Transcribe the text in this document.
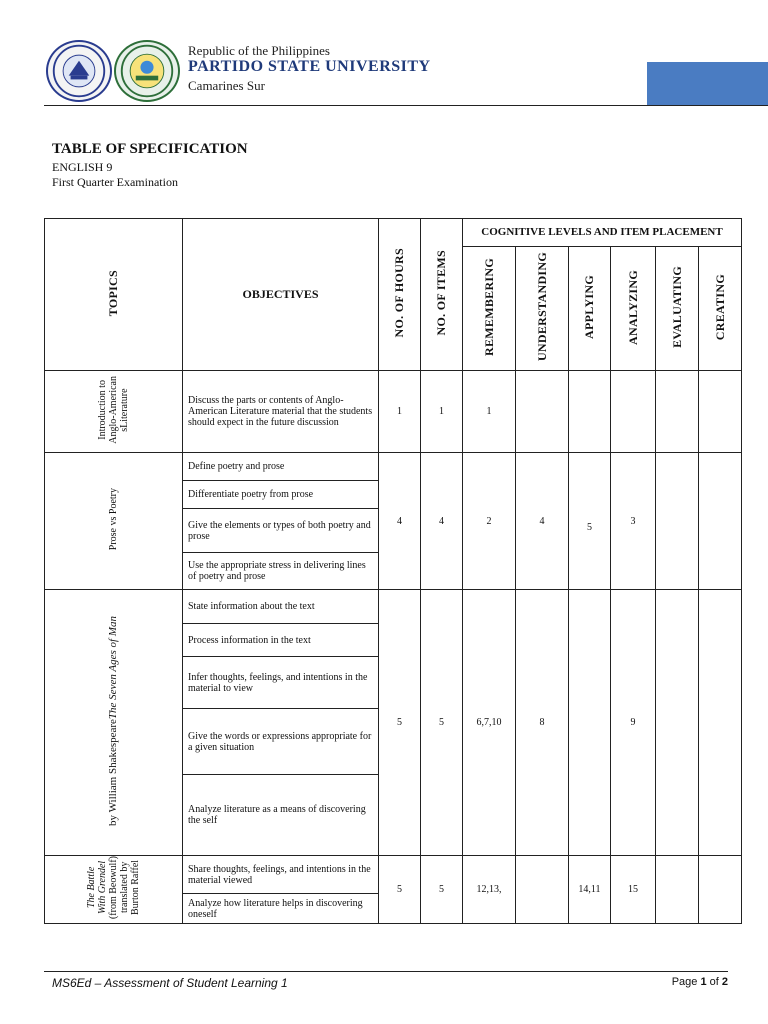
Republic of the Philippines
PARTIDO STATE UNIVERSITY
Camarines Sur
TABLE OF SPECIFICATION
ENGLISH 9
First Quarter Examination
TOPICS	OBJECTIVES	NO. OF HOURS	NO. OF ITEMS	COGNITIVE LEVELS AND ITEM PLACEMENT					
				REMEMBERING	UNDERSTANDING	APPLYING	ANALYZING	EVALUATING	CREATING
Introduction to
Anglo-American
sLiterature	Discuss the parts or contents of Anglo-American Literature material that the students should expect in the future discussion	1	1	1					
Prose vs Poetry	Define poetry and prose	4	4	2	4	5	3		
	Differentiate poetry from prose								
	Give the elements or types of both poetry and prose								
	Use the appropriate stress in delivering lines of poetry and prose								
by William ShakespeareThe Seven Ages of Man	State information about the text	5	5	6,7,10	8		9		
	Process information in the text								
	Infer thoughts, feelings, and intentions in the material to view								
	Give the words or expressions appropriate for a given situation								
	Analyze literature as a means of discovering the self								
The Battle
With Grendel
(from Beowulf)
translated by
Burton Raffel	Share thoughts, feelings, and intentions in the material viewed	5	5	12,13,		14,11	15		
	Analyze how literature helps in discovering oneself								
MS6Ed – Assessment of Student Learning 1	Page 1 of 2
